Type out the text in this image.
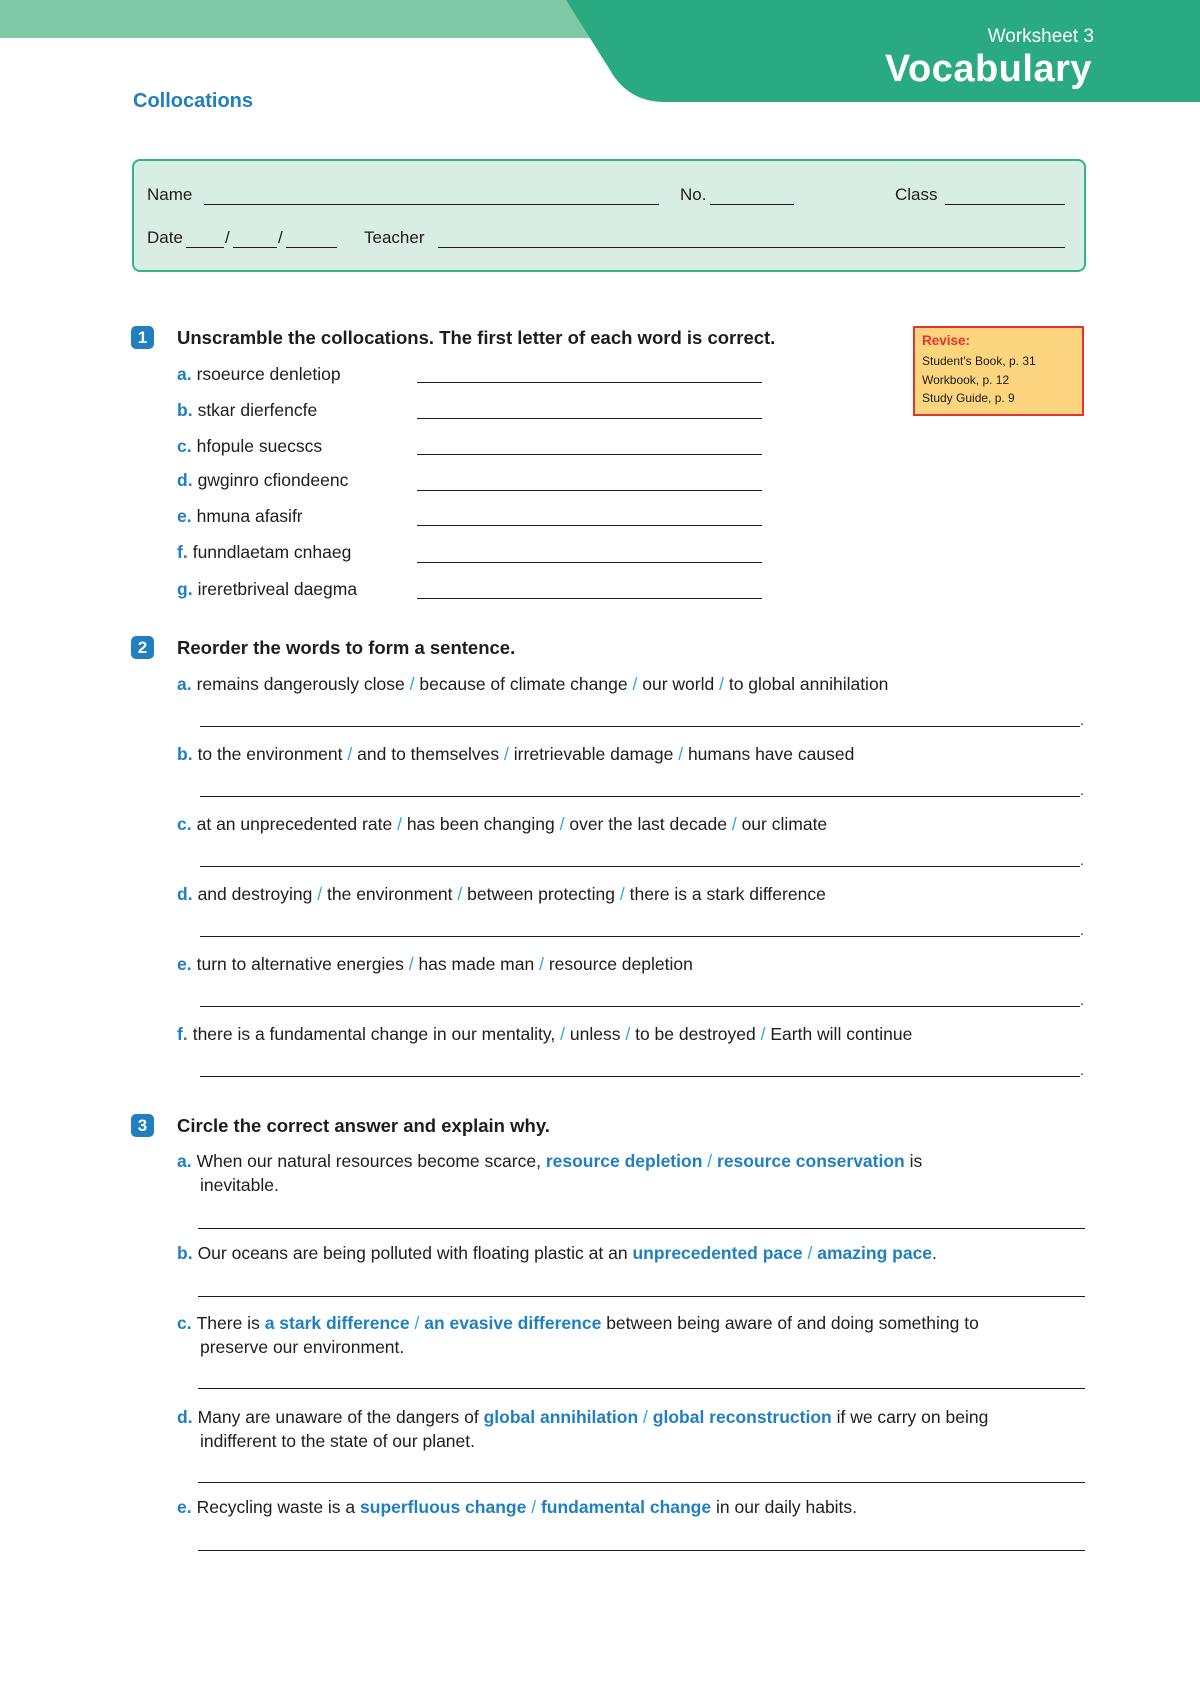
Worksheet 3
Vocabulary
Collocations
Name	No.	Class
Date /	/	Teacher
Revise:
Student's Book, p. 31
Workbook, p. 12
Study Guide, p. 9
1	Unscramble the collocations. The first letter of each word is correct.
a. rsoeurce denletiop
b. stkar dierfencfe
c. hfopule suecscs
d. gwginro cfiondeenc
e. hmuna afasifr
f. funndlaetam cnhaeg
g. ireretbriveal daegma
2	Reorder the words to form a sentence.
a. remains dangerously close / because of climate change / our world / to global annihilation
.
b. to the environment / and to themselves / irretrievable damage / humans have caused
.
c. at an unprecedented rate / has been changing / over the last decade / our climate
.
d. and destroying / the environment / between protecting / there is a stark difference
.
e. turn to alternative energies / has made man / resource depletion
.
f. there is a fundamental change in our mentality, / unless / to be destroyed / Earth will continue
.
3	Circle the correct answer and explain why.
a. When our natural resources become scarce, resource depletion / resource conservation is
inevitable.
b. Our oceans are being polluted with floating plastic at an unprecedented pace / amazing pace.
c. There is a stark difference / an evasive difference between being aware of and doing something to
preserve our environment.
d. Many are unaware of the dangers of global annihilation / global reconstruction if we carry on being
indifferent to the state of our planet.
e. Recycling waste is a superfluous change / fundamental change in our daily habits.
